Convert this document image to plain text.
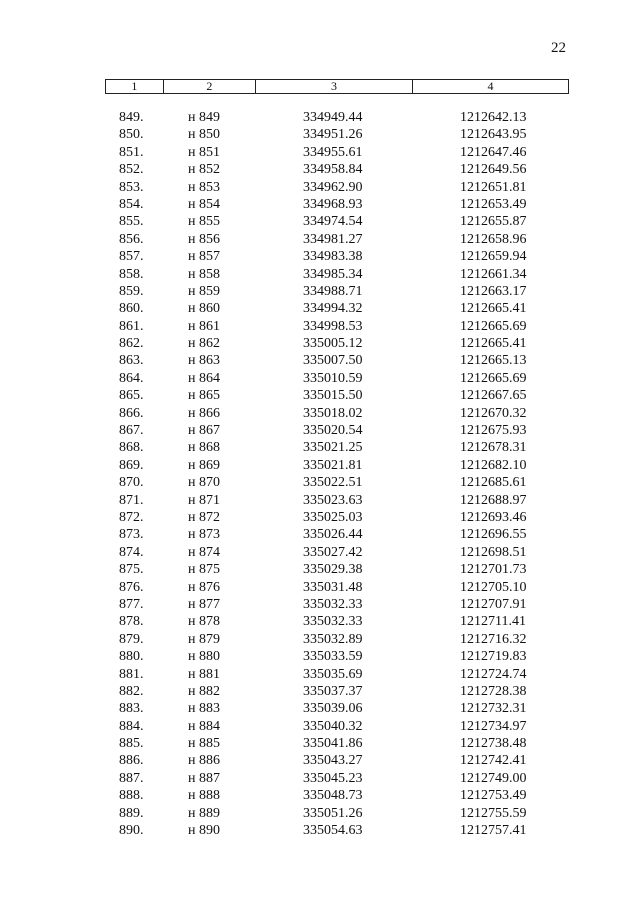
22
1	2	3	4
849.	н 849	334949.44	1212642.13
850.	н 850	334951.26	1212643.95
851.	н 851	334955.61	1212647.46
852.	н 852	334958.84	1212649.56
853.	н 853	334962.90	1212651.81
854.	н 854	334968.93	1212653.49
855.	н 855	334974.54	1212655.87
856.	н 856	334981.27	1212658.96
857.	н 857	334983.38	1212659.94
858.	н 858	334985.34	1212661.34
859.	н 859	334988.71	1212663.17
860.	н 860	334994.32	1212665.41
861.	н 861	334998.53	1212665.69
862.	н 862	335005.12	1212665.41
863.	н 863	335007.50	1212665.13
864.	н 864	335010.59	1212665.69
865.	н 865	335015.50	1212667.65
866.	н 866	335018.02	1212670.32
867.	н 867	335020.54	1212675.93
868.	н 868	335021.25	1212678.31
869.	н 869	335021.81	1212682.10
870.	н 870	335022.51	1212685.61
871.	н 871	335023.63	1212688.97
872.	н 872	335025.03	1212693.46
873.	н 873	335026.44	1212696.55
874.	н 874	335027.42	1212698.51
875.	н 875	335029.38	1212701.73
876.	н 876	335031.48	1212705.10
877.	н 877	335032.33	1212707.91
878.	н 878	335032.33	1212711.41
879.	н 879	335032.89	1212716.32
880.	н 880	335033.59	1212719.83
881.	н 881	335035.69	1212724.74
882.	н 882	335037.37	1212728.38
883.	н 883	335039.06	1212732.31
884.	н 884	335040.32	1212734.97
885.	н 885	335041.86	1212738.48
886.	н 886	335043.27	1212742.41
887.	н 887	335045.23	1212749.00
888.	н 888	335048.73	1212753.49
889.	н 889	335051.26	1212755.59
890.	н 890	335054.63	1212757.41
